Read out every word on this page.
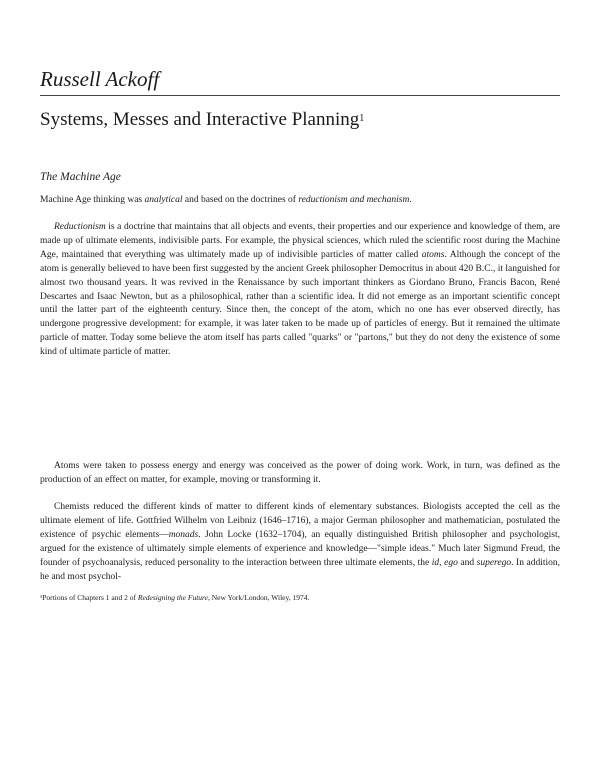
Russell Ackoff
Systems, Messes and Interactive Planning$^1$
The Machine Age

Machine Age thinking was analytical and based on the doctrines of reductionism and mechanism.

Reductionism is a doctrine that maintains that all objects and events, their properties and our experience and knowledge of them, are made up of ultimate elements, indivisible parts. For example, the physical sciences, which ruled the scientific roost during the Machine Age, maintained that everything was ultimately made up of indivisible particles of matter called atoms. Although the concept of the atom is generally believed to have been first suggested by the ancient Greek philosopher Democritus in about 420 B.C., it languished for almost two thousand years. It was revived in the Renaissance by such important thinkers as Giordano Bruno, Francis Bacon, René Descartes and Isaac Newton, but as a philosophical, rather than a scientific idea. It did not emerge as an important scientific concept until the latter part of the eighteenth century. Since then, the concept of the atom, which no one has ever observed directly, has undergone progressive development: for example, it was later taken to be made up of particles of energy. But it remained the ultimate particle of matter. Today some believe the atom itself has parts called "quarks" or "partons," but they do not deny the existence of some kind of ultimate particle of matter.

Atoms were taken to possess energy and energy was conceived as the power of doing work. Work, in turn, was defined as the production of an effect on matter, for example, moving or transforming it.

Chemists reduced the different kinds of matter to different kinds of elementary substances. Biologists accepted the cell as the ultimate element of life. Gottfried Wilhelm von Leibniz (1646–1716), a major German philosopher and mathematician, postulated the existence of psychic elements—monads. John Locke (1632–1704), an equally distinguished British philosopher and psychologist, argued for the existence of ultimately simple elements of experience and knowledge—"simple ideas." Much later Sigmund Freud, the founder of psychoanalysis, reduced personality to the interaction between three ultimate elements, the id, ego and superego. In addition, he and most psychol-

¹Portions of Chapters 1 and 2 of Redesigning the Future, New York/London, Wiley, 1974.
